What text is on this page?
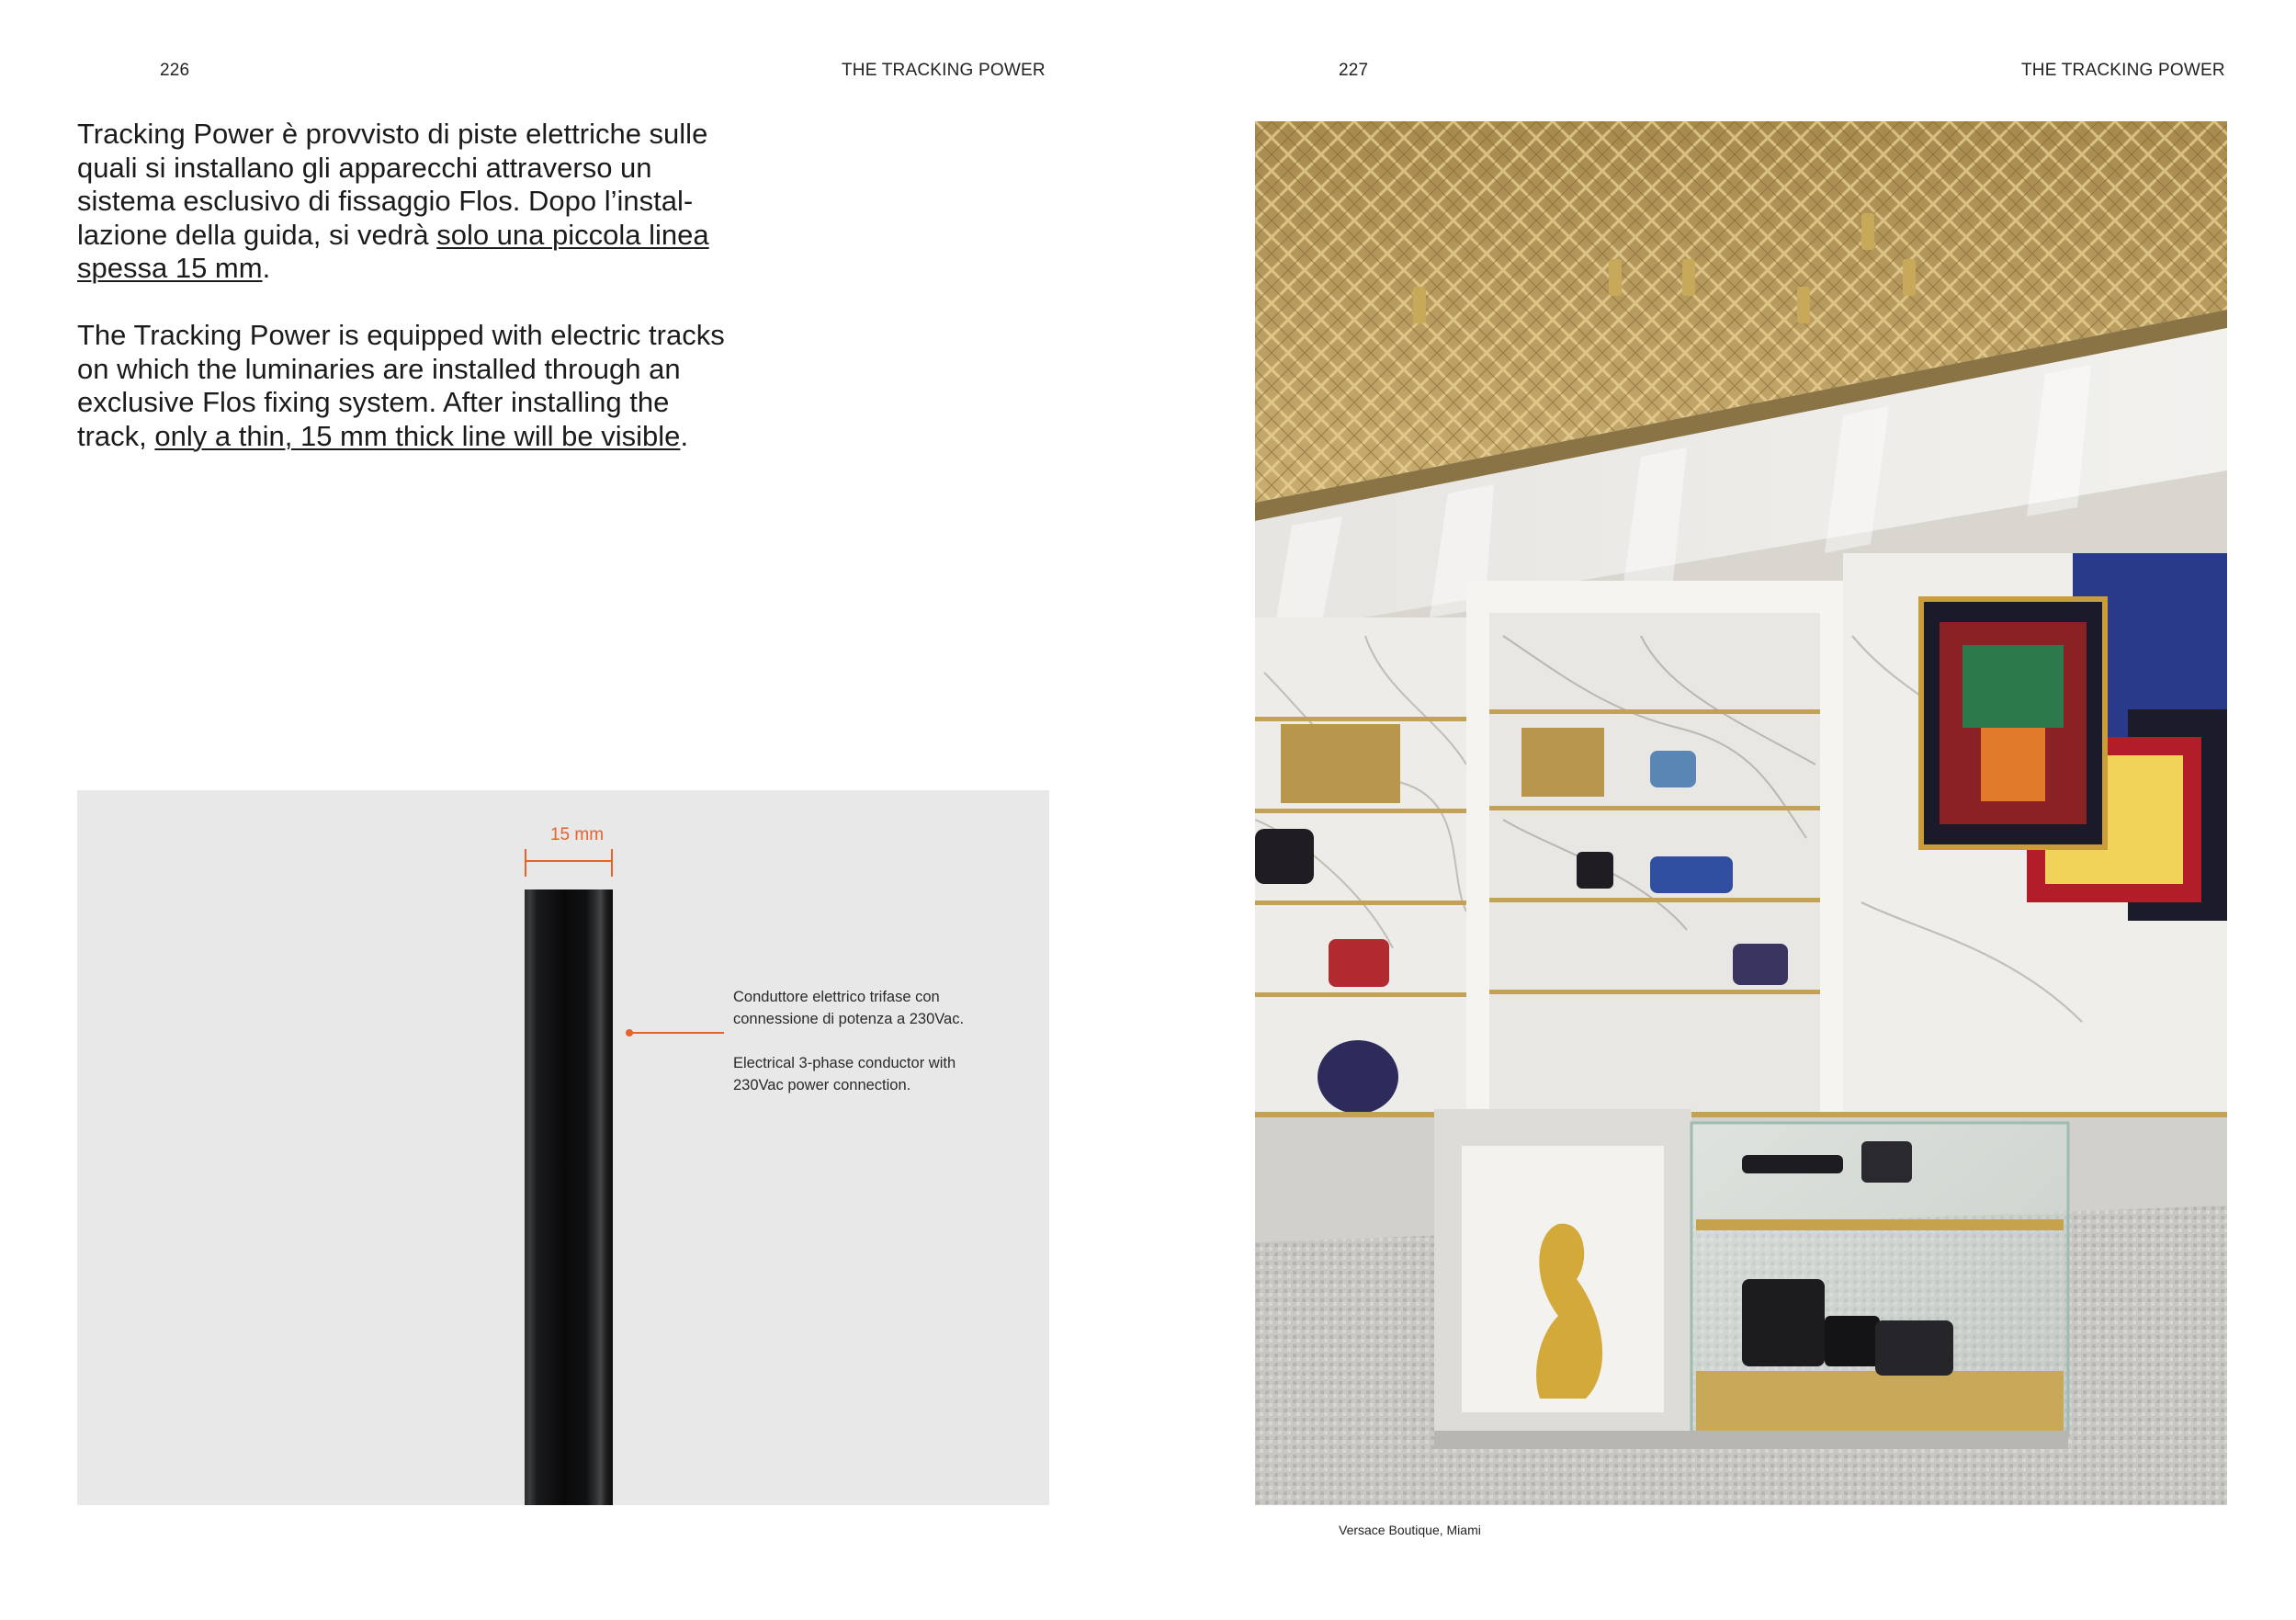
226	THE TRACKING POWER
Tracking Power è provvisto di piste elettriche sulle quali si installano gli apparecchi attraverso un sistema esclusivo di fissaggio Flos. Dopo l’instal-lazione della guida, si vedrà solo una piccola linea spessa 15 mm.
The Tracking Power is equipped with electric tracks on which the luminaries are installed through an exclusive Flos fixing system. After installing the track, only a thin, 15 mm thick line will be visible.
15 mm
Conduttore elettrico trifase con
connessione di potenza a 230Vac.
Electrical 3-phase conductor with
230Vac power connection.
227	THE TRACKING POWER
Versace Boutique, Miami
